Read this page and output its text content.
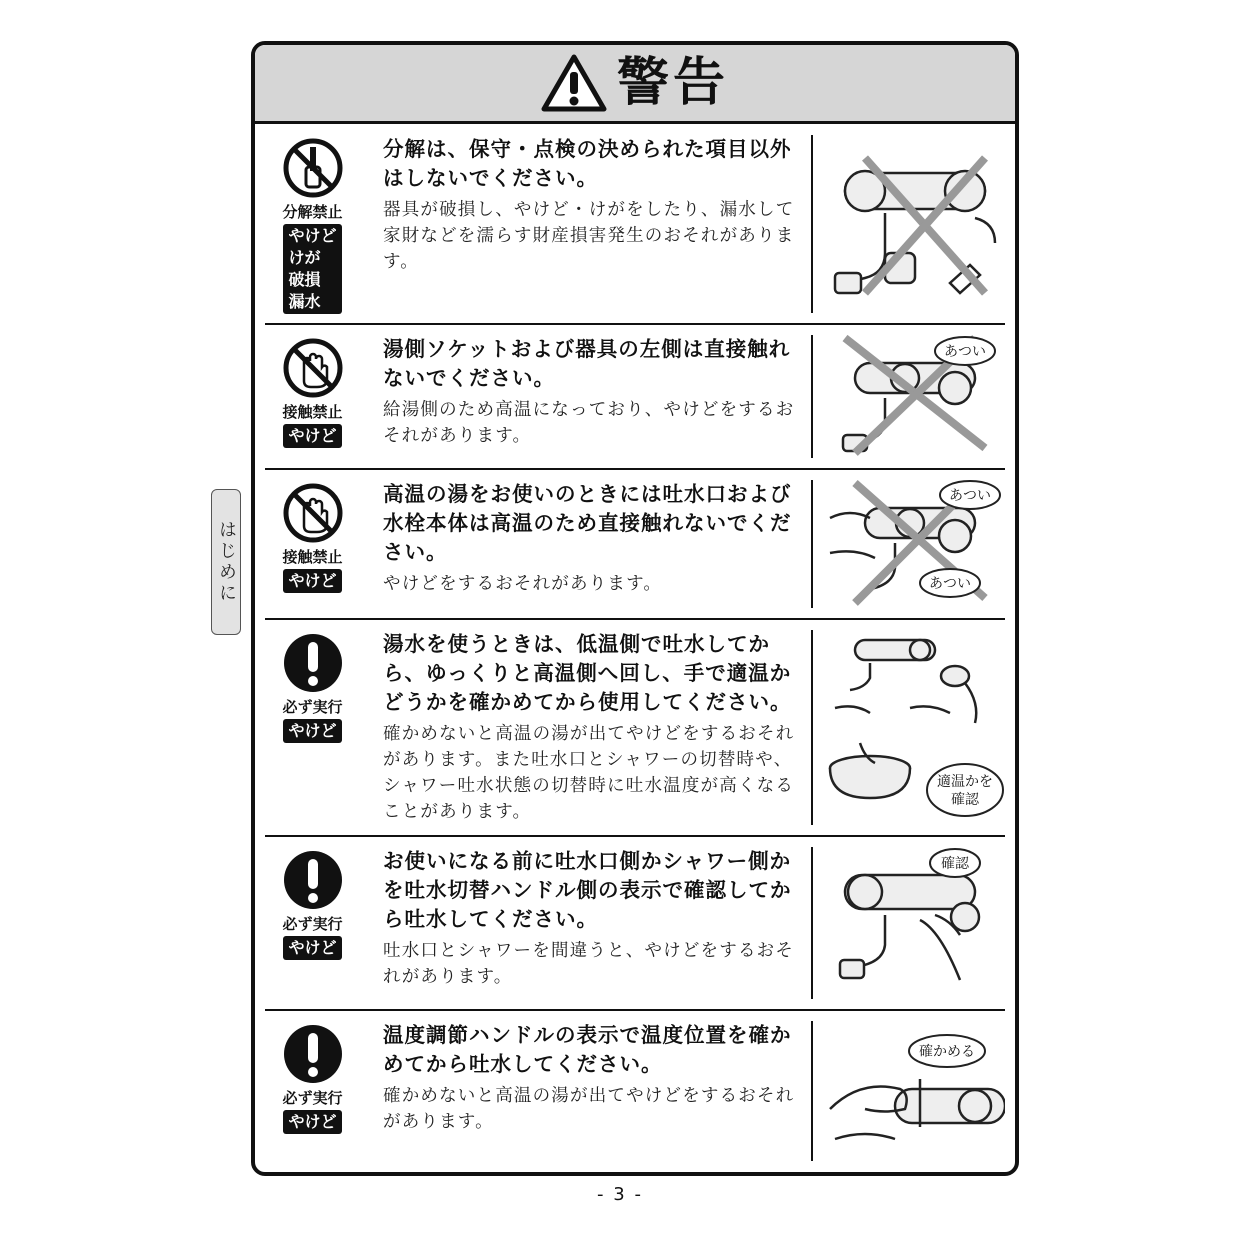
警告
分解禁止
やけど
けが
破損
漏水
分解は、保守・点検の決められた項目以外はしないでください。
器具が破損し、やけど・けがをしたり、漏水して家財などを濡らす財産損害発生のおそれがあります。
接触禁止
やけど
湯側ソケットおよび器具の左側は直接触れないでください。
給湯側のため高温になっており、やけどをするおそれがあります。
あつい
接触禁止
やけど
高温の湯をお使いのときには吐水口および水栓本体は高温のため直接触れないでください。
やけどをするおそれがあります。
あつい
あつい
必ず実行
やけど
湯水を使うときは、低温側で吐水してから、ゆっくりと高温側へ回し、手で適温かどうかを確かめてから使用してください。
確かめないと高温の湯が出てやけどをするおそれがあります。また吐水口とシャワーの切替時や、シャワー吐水状態の切替時に吐水温度が高くなることがあります。
適温かを
確認
必ず実行
やけど
お使いになる前に吐水口側かシャワー側かを吐水切替ハンドル側の表示で確認してから吐水してください。
吐水口とシャワーを間違うと、やけどをするおそれがあります。
確認
必ず実行
やけど
温度調節ハンドルの表示で温度位置を確かめてから吐水してください。
確かめないと高温の湯が出てやけどをするおそれがあります。
確かめる
はじめに
- 3 -
